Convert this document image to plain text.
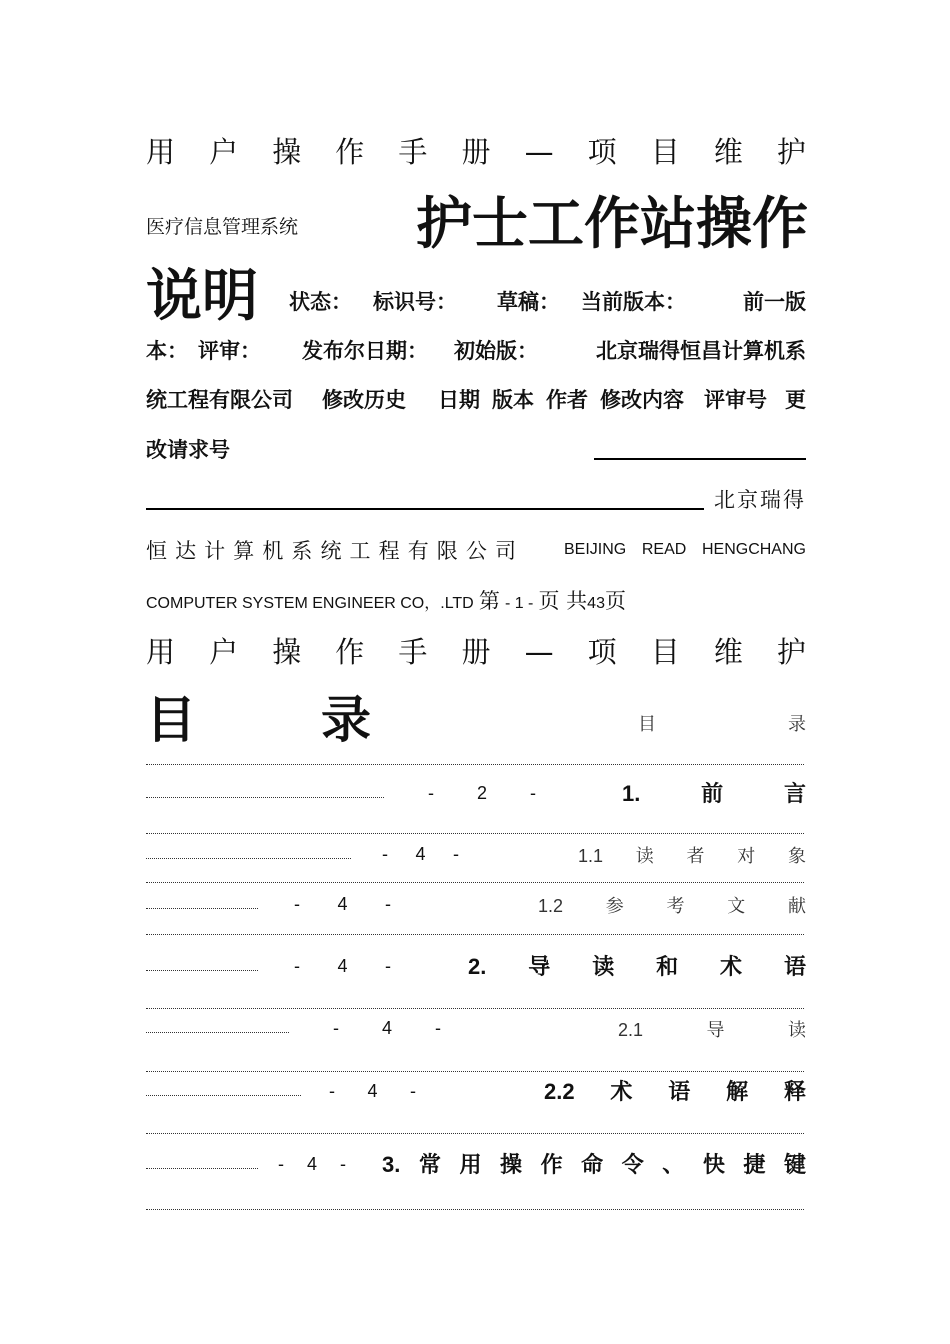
用 户 操 作 手 册 — 项 目 维 护
医疗信息管理系统 护士工作站操作
说明 状态： 标识号： 草稿： 当前版本：	前一版
本： 评审： 发布尔日期： 初始版：	北京瑞得恒昌计算机系
统工程有限公司 修改历史 日期 版本 作者 修改内容 评审号 更
改请求号
北京瑞得
恒 达 计 算 机 系 统 工 程 有 限 公 司	BEIJING READ HENGCHANG
COMPUTER SYSTEM ENGINEER CO，.LTD 第 - 1 - 页 共43页
用 户 操 作 手 册 — 项 目 维 护
目	录	目	录
- 2 -	1.	前	言
- 4 -	1.1 读 者 对 象
- 4 -	1.2 参 考 文 献
- 4 -	2. 导 读 和 术 语
- 4 -	2.1	导	读
- 4 -	2.2 术 语 解 释
- 4 - 3. 常 用 操 作 命 令 、 快 捷 键
